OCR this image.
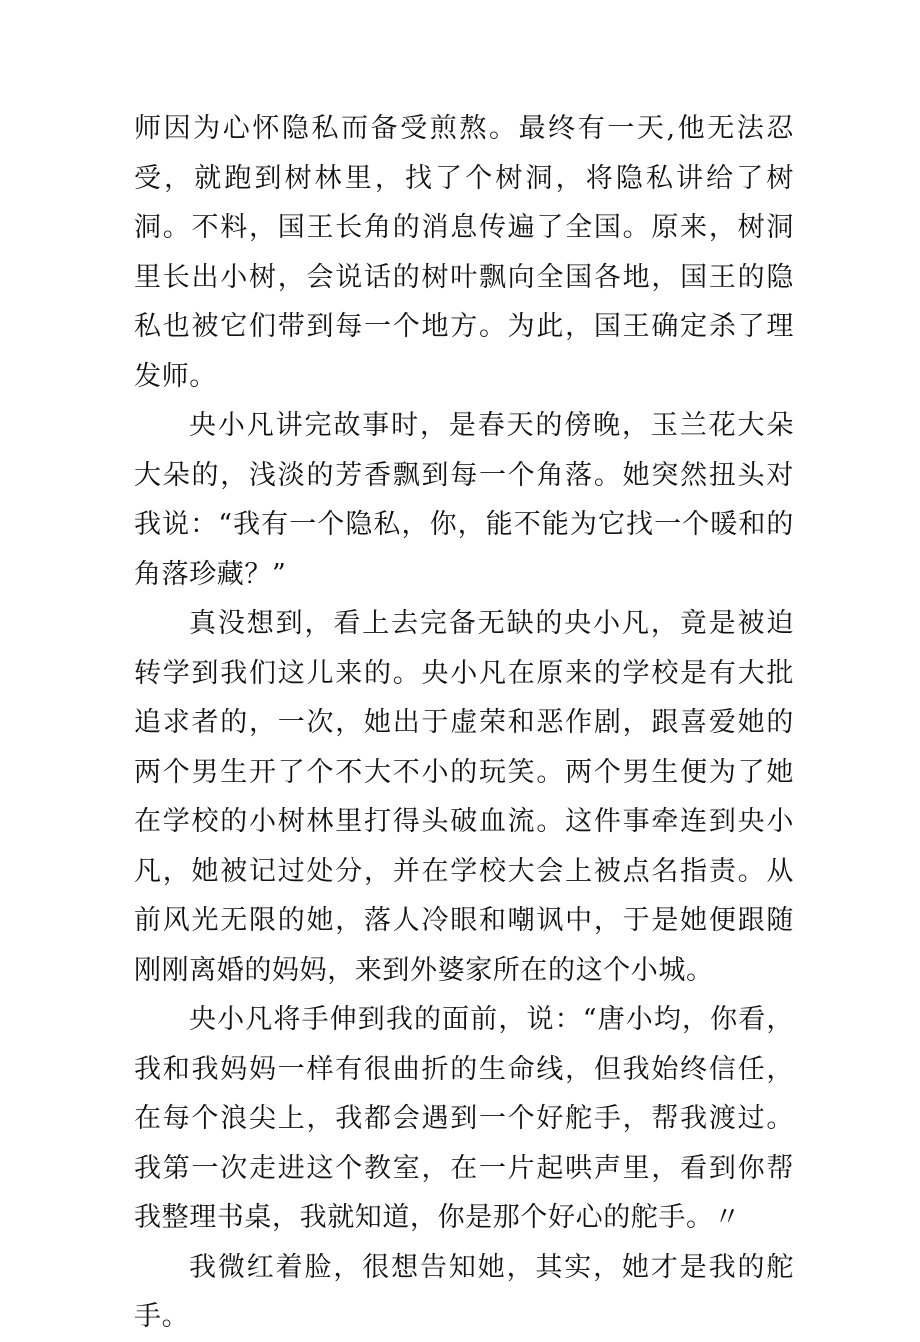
师因为心怀隐私而备受煎熬。最终有一天,他无法忍受，就跑到树林里，找了个树洞，将隐私讲给了树洞。不料，国王长角的消息传遍了全国。原来，树洞里长出小树，会说话的树叶飘向全国各地，国王的隐私也被它们带到每一个地方。为此，国王确定杀了理发师。

央小凡讲完故事时，是春天的傍晚，玉兰花大朵大朵的，浅淡的芳香飘到每一个角落。她突然扭头对我说：“我有一个隐私，你，能不能为它找一个暖和的角落珍藏？”

真没想到，看上去完备无缺的央小凡，竟是被迫转学到我们这儿来的。央小凡在原来的学校是有大批追求者的，一次，她出于虚荣和恶作剧，跟喜爱她的两个男生开了个不大不小的玩笑。两个男生便为了她在学校的小树林里打得头破血流。这件事牵连到央小凡，她被记过处分，并在学校大会上被点名指责。从前风光无限的她，落人冷眼和嘲讽中，于是她便跟随刚刚离婚的妈妈，来到外婆家所在的这个小城。

央小凡将手伸到我的面前，说：“唐小均，你看，我和我妈妈一样有很曲折的生命线，但我始终信任，在每个浪尖上，我都会遇到一个好舵手，帮我渡过。我第一次走进这个教室，在一片起哄声里，看到你帮我整理书桌，我就知道，你是那个好心的舵手。〃

我微红着脸，很想告知她，其实，她才是我的舵手。
